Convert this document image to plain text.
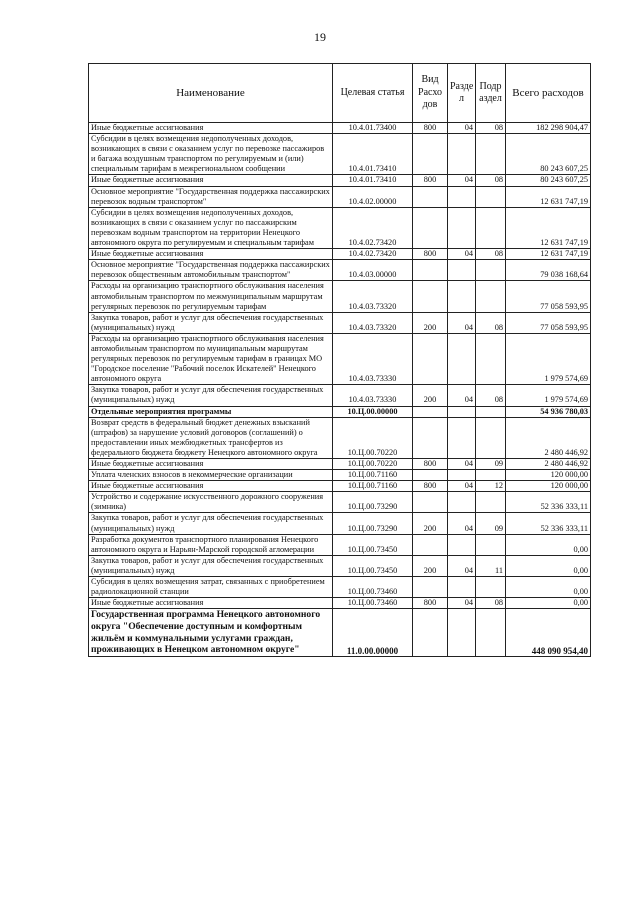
19
Наименование	Целевая статья	Вид Расхо дов	Разде л	Подр аздел	Всего расходов
Иные бюджетные ассигнования	10.4.01.73400	800	04	08	182 298 904,47
Субсидии в целях возмещения недополученных доходов, возникающих в связи с оказанием услуг по перевозке пассажиров и багажа воздушным транспортом по регулируемым и (или) специальным тарифам в межрегиональном сообщении	10.4.01.73410				80 243 607,25
Иные бюджетные ассигнования	10.4.01.73410	800	04	08	80 243 607,25
Основное мероприятие "Государственная поддержка пассажирских перевозок водным транспортом"	10.4.02.00000				12 631 747,19
Субсидии в целях возмещения недополученных доходов, возникающих в связи с оказанием услуг по пассажирским перевозкам водным транспортом на территории Ненецкого автономного округа по регулируемым и специальным тарифам	10.4.02.73420				12 631 747,19
Иные бюджетные ассигнования	10.4.02.73420	800	04	08	12 631 747,19
Основное мероприятие "Государственная поддержка пассажирских перевозок общественным автомобильным транспортом"	10.4.03.00000				79 038 168,64
Расходы на организацию транспортного обслуживания населения автомобильным транспортом по межмуниципальным маршрутам регулярных перевозок по регулируемым тарифам	10.4.03.73320				77 058 593,95
Закупка товаров, работ и услуг для обеспечения государственных (муниципальных) нужд	10.4.03.73320	200	04	08	77 058 593,95
Расходы на организацию транспортного обслуживания населения автомобильным транспортом по муниципальным маршрутам регулярных перевозок по регулируемым тарифам в границах МО "Городское поселение "Рабочий поселок Искателей" Ненецкого автономного округа	10.4.03.73330				1 979 574,69
Закупка товаров, работ и услуг для обеспечения государственных (муниципальных) нужд	10.4.03.73330	200	04	08	1 979 574,69
Отдельные мероприятия программы	10.Ц.00.00000				54 936 780,03
Возврат средств в федеральный бюджет денежных взысканий (штрафов) за нарушение условий договоров (соглашений) о предоставлении иных межбюджетных трансфертов из федерального бюджета бюджету Ненецкого автономного округа	10.Ц.00.70220				2 480 446,92
Иные бюджетные ассигнования	10.Ц.00.70220	800	04	09	2 480 446,92
Уплата членских взносов в некоммерческие организации	10.Ц.00.71160				120 000,00
Иные бюджетные ассигнования	10.Ц.00.71160	800	04	12	120 000,00
Устройство и содержание искусственного дорожного сооружения (зимника)	10.Ц.00.73290				52 336 333,11
Закупка товаров, работ и услуг для обеспечения государственных (муниципальных) нужд	10.Ц.00.73290	200	04	09	52 336 333,11
Разработка документов транспортного планирования Ненецкого автономного округа и Нарьян-Марской городской агломерации	10.Ц.00.73450				0,00
Закупка товаров, работ и услуг для обеспечения государственных (муниципальных) нужд	10.Ц.00.73450	200	04	11	0,00
Субсидия в целях возмещения затрат, связанных с приобретением радиолокационной станции	10.Ц.00.73460				0,00
Иные бюджетные ассигнования	10.Ц.00.73460	800	04	08	0,00
Государственная программа Ненецкого автономного округа "Обеспечение доступным и комфортным жильём и коммунальными услугами граждан, проживающих в Ненецком автономном округе"	11.0.00.00000				448 090 954,40
